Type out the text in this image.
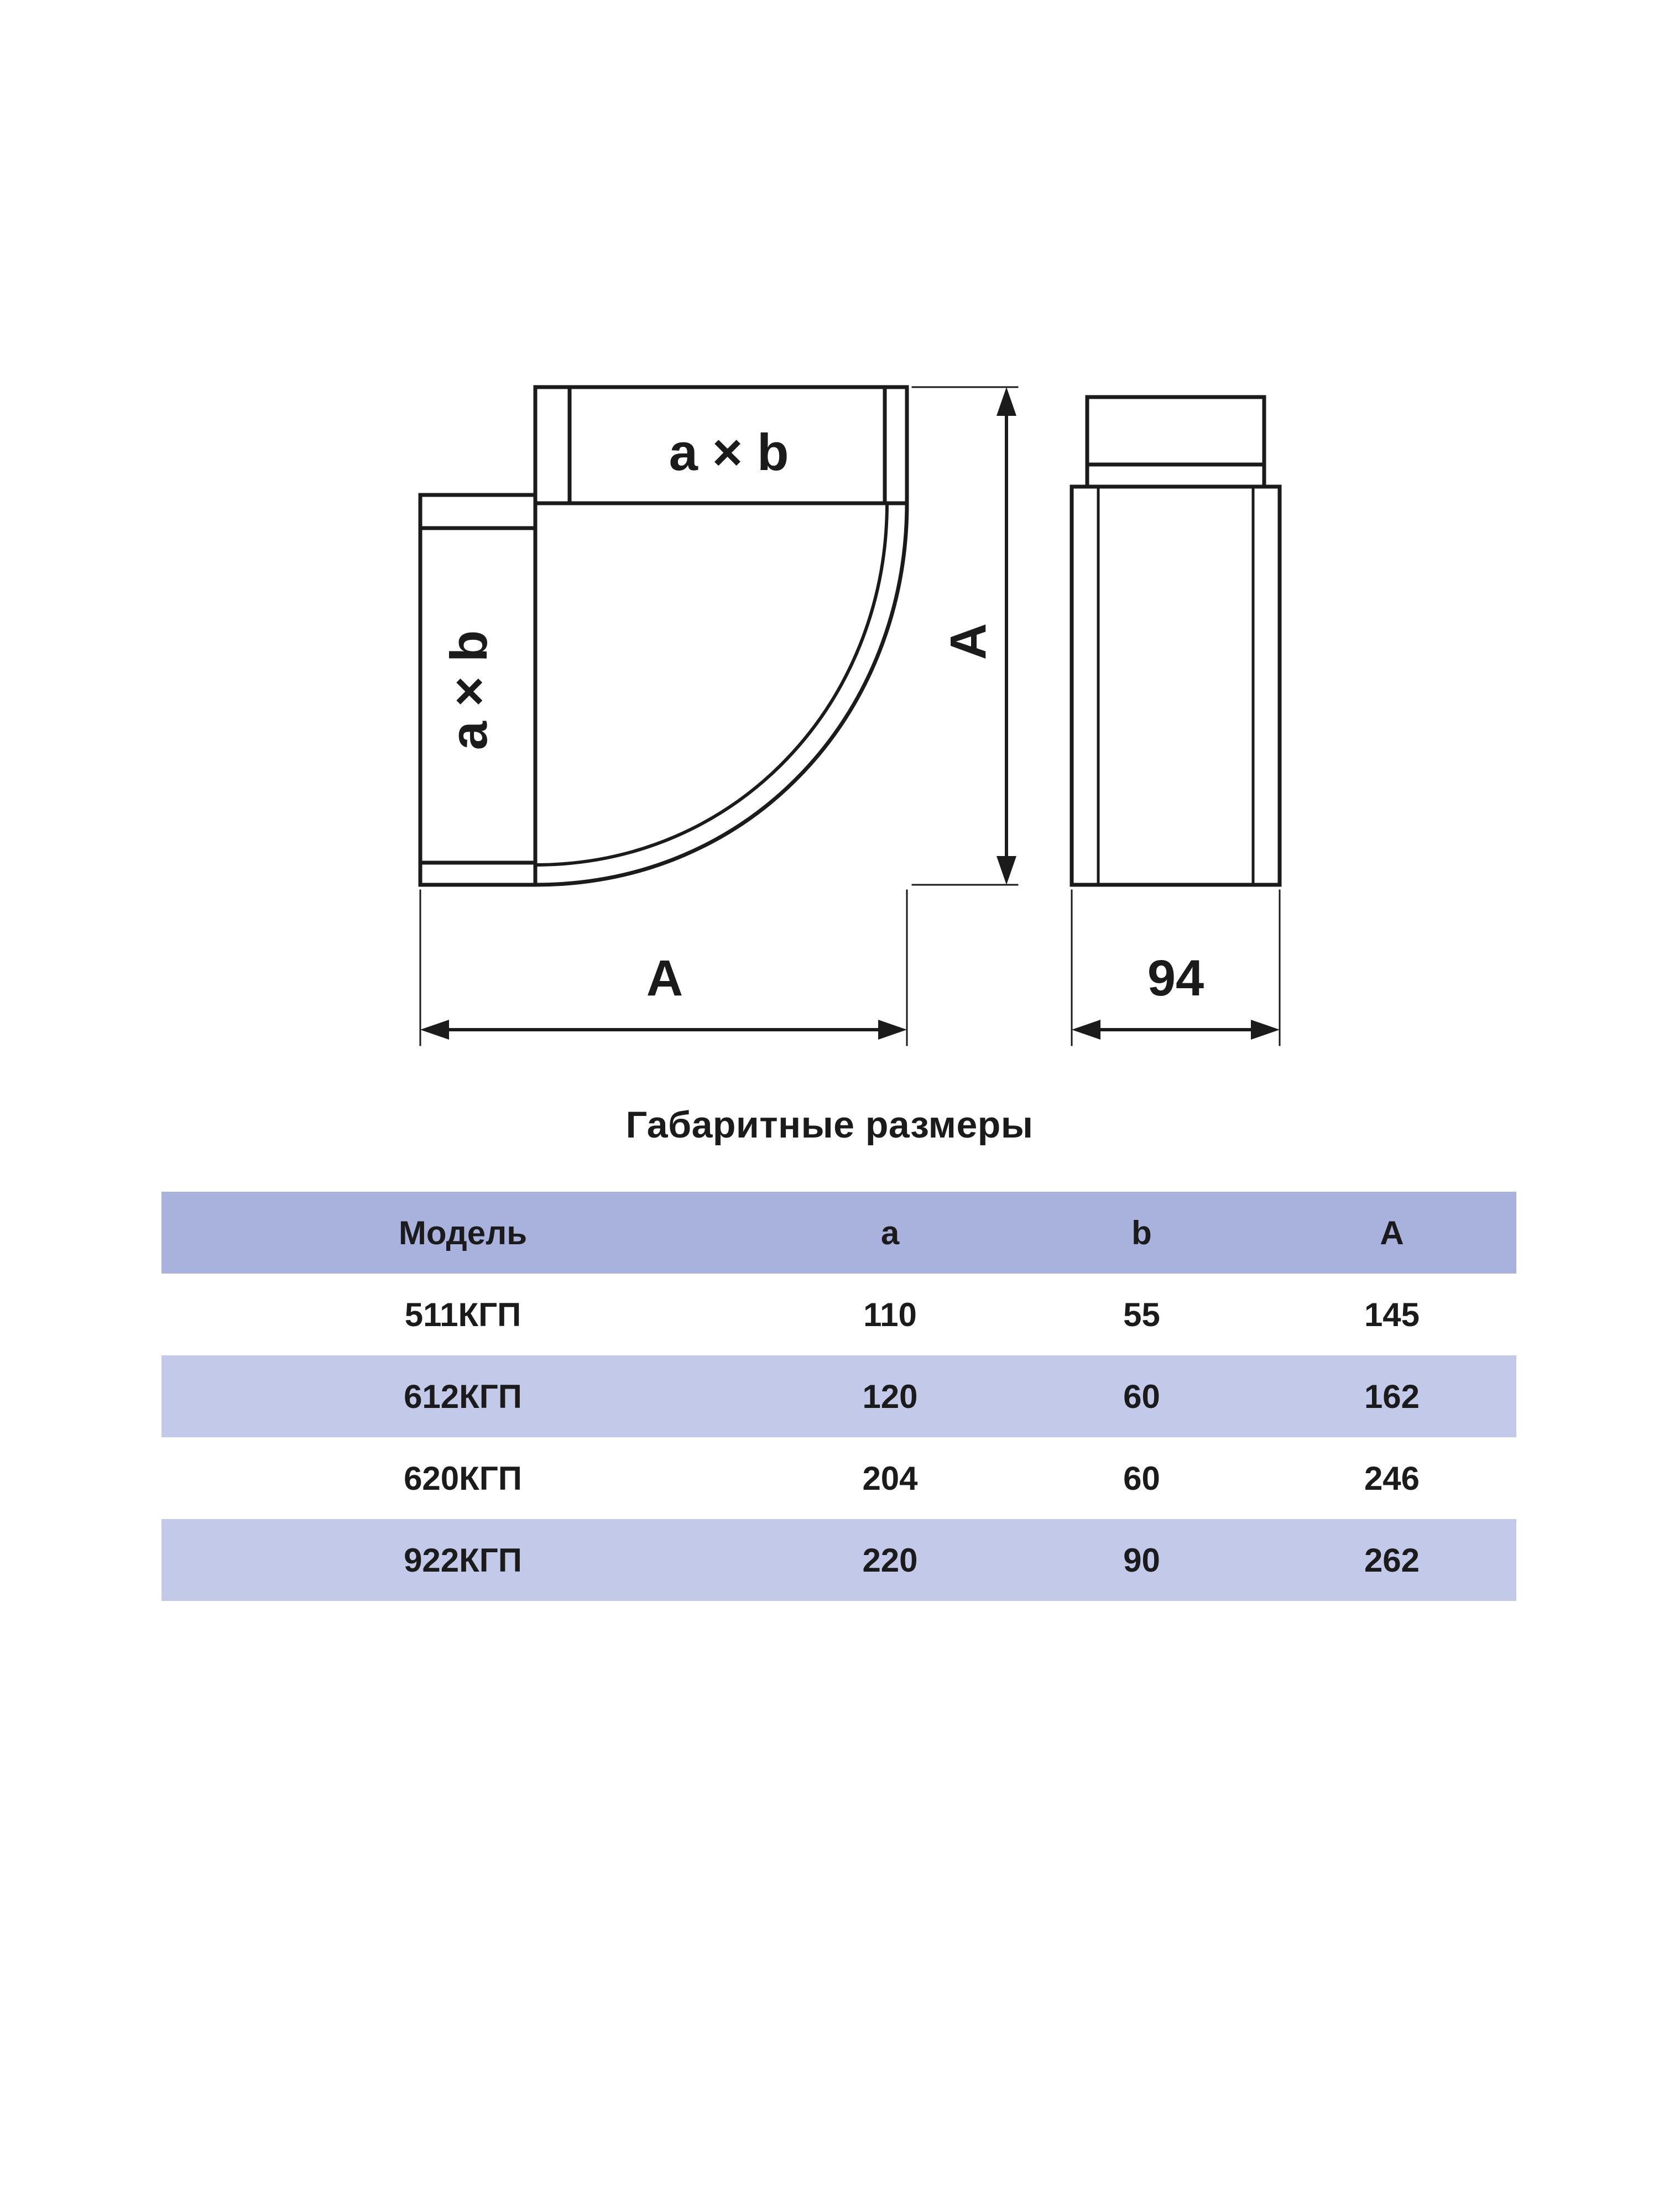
a × b
a × b	A
A	94
Габаритные размеры
Модель	a	b	A
511КГП	110	55	145
612КГП	120	60	162
620КГП	204	60	246
922КГП	220	90	262
